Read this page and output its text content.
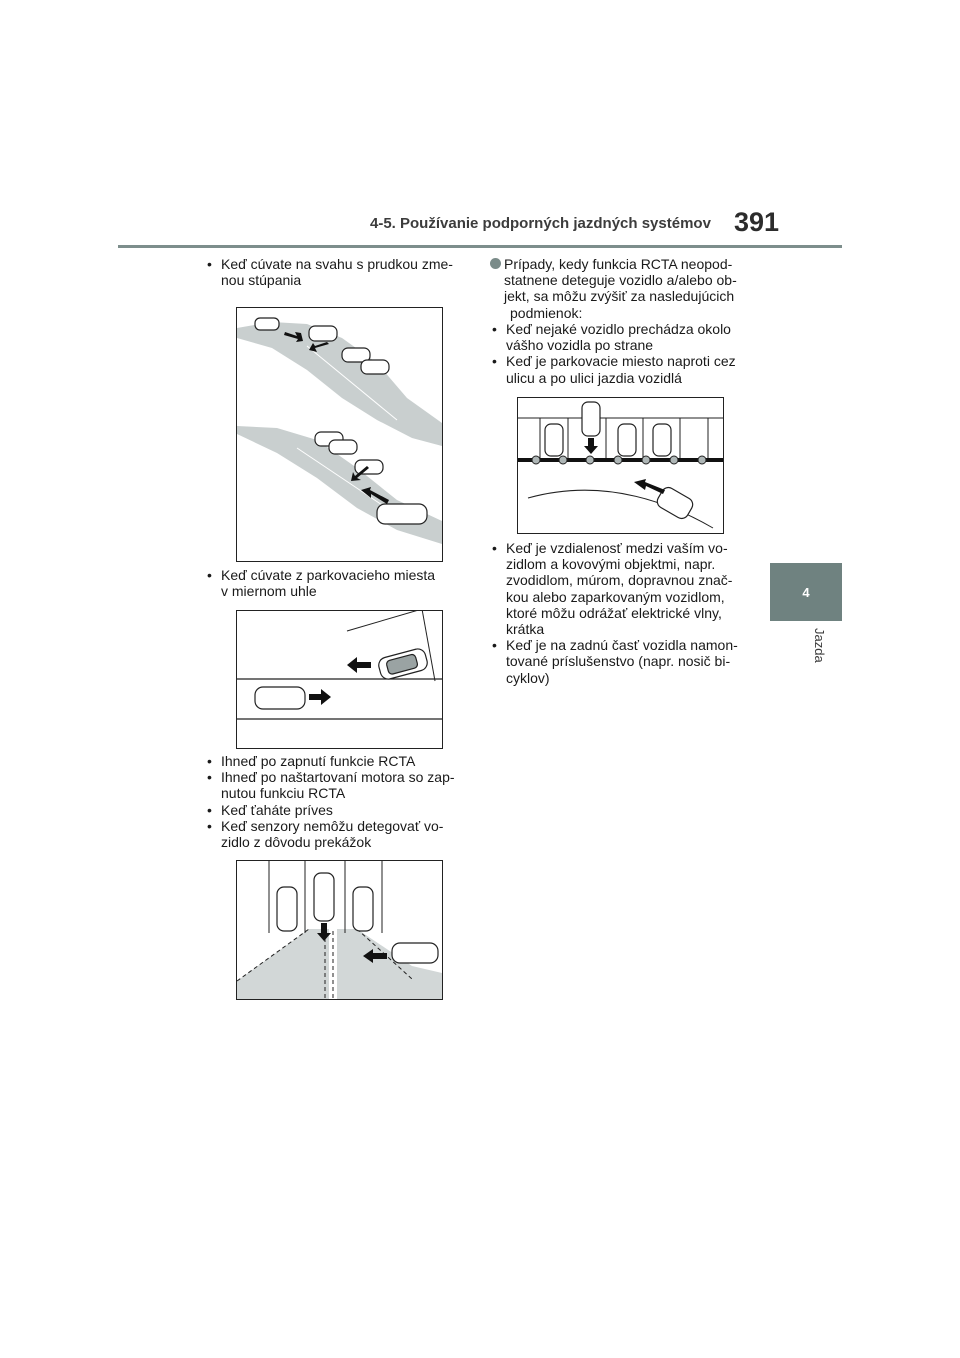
4-5. Používanie podporných jazdných systémov 391
4
Jazda
• Keď cúvate na svahu s prudkou zme-
nou stúpania
• Keď cúvate z parkovacieho miesta
v miernom uhle
• Ihneď po zapnutí funkcie RCTA
• Ihneď po naštartovaní motora so zap-
nutou funkciu RCTA
• Keď ťaháte príves
• Keď senzory nemôžu detegovať vo-
zidlo z dôvodu prekážok
Prípady, kedy funkcia RCTA neopod-
statnene deteguje vozidlo a/alebo ob-
jekt, sa môžu zvýšiť za nasledujúcich
podmienok:
• Keď nejaké vozidlo prechádza okolo
vášho vozidla po strane
• Keď je parkovacie miesto naproti cez
ulicu a po ulici jazdia vozidlá
• Keď je vzdialenosť medzi vaším vo-
zidlom a kovovými objektmi, napr.
zvodidlom, múrom, dopravnou znač-
kou alebo zaparkovaným vozidlom,
ktoré môžu odrážať elektrické vlny,
krátka
• Keď je na zadnú časť vozidla namon-
tované príslušenstvo (napr. nosič bi-
cyklov)
